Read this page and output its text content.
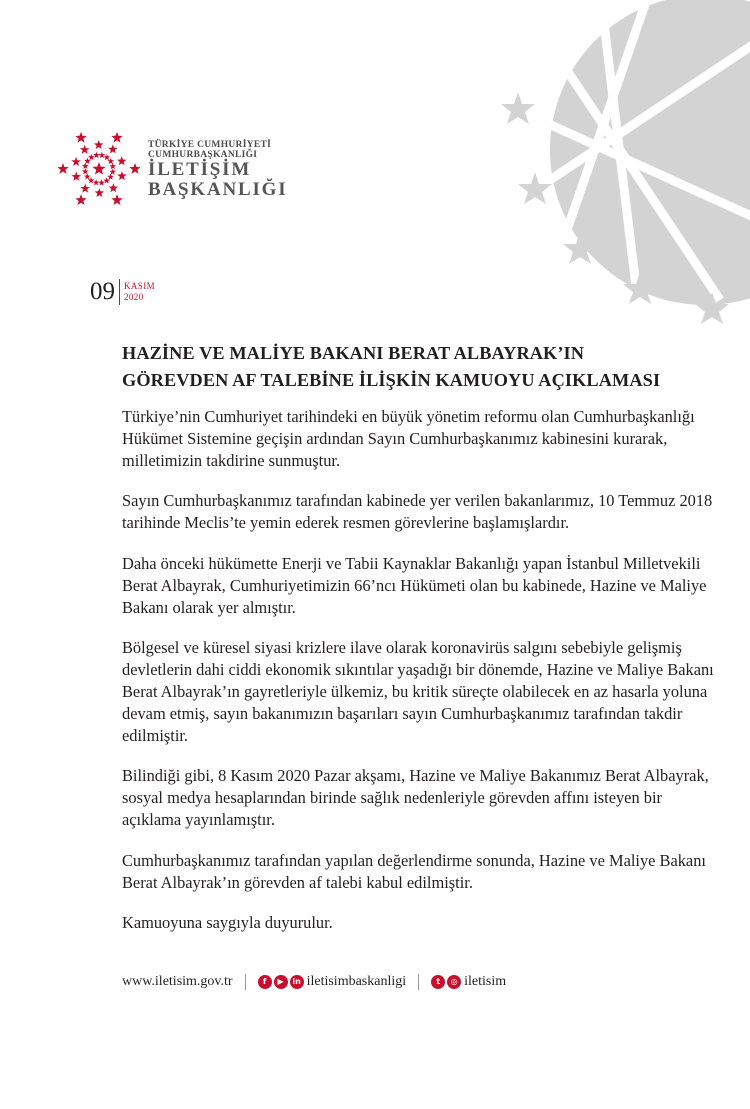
TÜRKİYE CUMHURİYETİ
CUMHURBAŞKANLIĞI
İLETİŞİM
BAŞKANLIĞI
09 KASIM
2020
HAZİNE VE MALİYE BAKANI BERAT ALBAYRAK’IN
GÖREVDEN AF TALEBİNE İLİŞKİN KAMUOYU AÇIKLAMASI

Türkiye’nin Cumhuriyet tarihindeki en büyük yönetim reformu olan Cumhurbaşkanlığı Hükümet Sistemine geçişin ardından Sayın Cumhurbaşkanımız kabinesini kurarak, milletimizin takdirine sunmuştur.

Sayın Cumhurbaşkanımız tarafından kabinede yer verilen bakanlarımız, 10 Temmuz 2018 tarihinde Meclis’te yemin ederek resmen görevlerine başlamışlardır.

Daha önceki hükümette Enerji ve Tabii Kaynaklar Bakanlığı yapan İstanbul Milletvekili Berat Albayrak, Cumhuriyetimizin 66’ncı Hükümeti olan bu kabinede, Hazine ve Maliye Bakanı olarak yer almıştır.

Bölgesel ve küresel siyasi krizlere ilave olarak koronavirüs salgını sebebiyle gelişmiş devletlerin dahi ciddi ekonomik sıkıntılar yaşadığı bir dönemde, Hazine ve Maliye Bakanı Berat Albayrak’ın gayretleriyle ülkemiz, bu kritik süreçte olabilecek en az hasarla yoluna devam etmiş, sayın bakanımızın başarıları sayın Cumhurbaşkanımız tarafından takdir edilmiştir.

Bilindiği gibi, 8 Kasım 2020 Pazar akşamı, Hazine ve Maliye Bakanımız Berat Albayrak, sosyal medya hesaplarından birinde sağlık nedenleriyle görevden affını isteyen bir açıklama yayınlamıştır.

Cumhurbaşkanımız tarafından yapılan değerlendirme sonunda, Hazine ve Maliye Bakanı Berat Albayrak’ın görevden af talebi kabul edilmiştir.

Kamuoyuna saygıyla duyurulur.

www.iletisim.gov.tr	f	▶	in iletisimbaskanligi	t	◎ iletisim
